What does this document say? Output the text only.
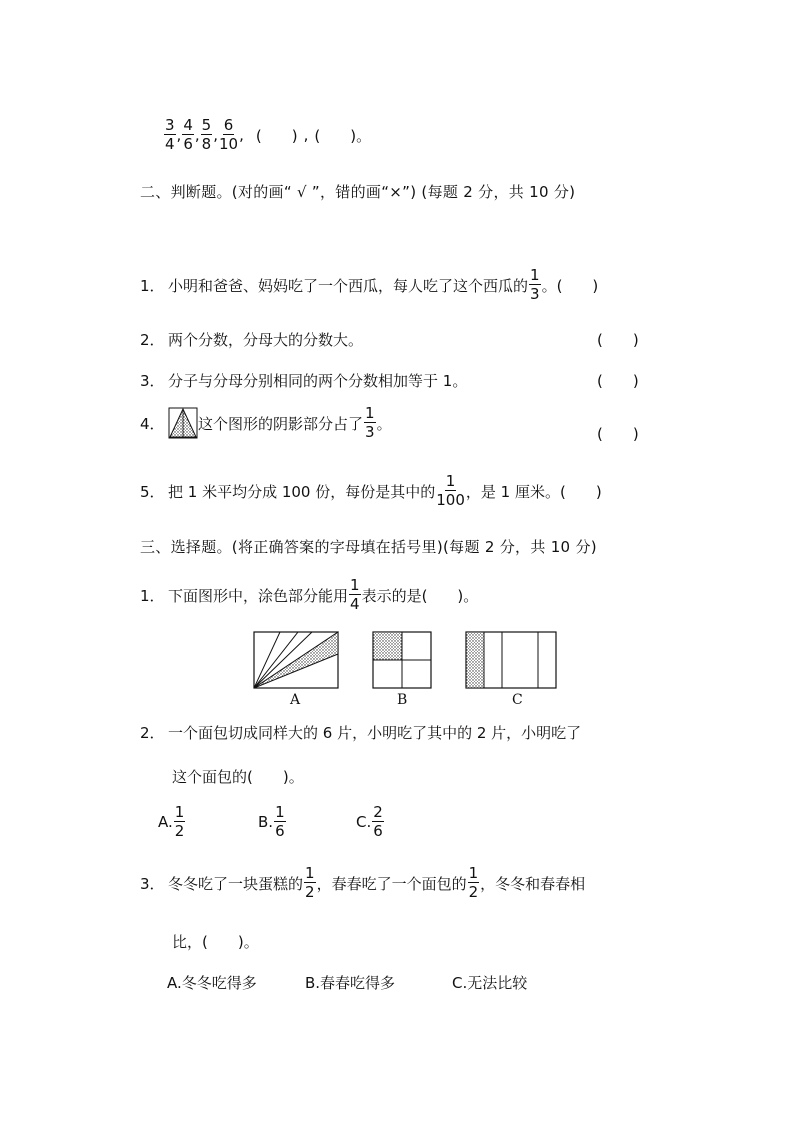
$\frac{3}{4}$ , $\frac{4}{6}$ , $\frac{5}{8}$ , $\frac{6}{10}$ , (　　) , (　　) 。
二、判断题。(对的画“ √ ”，错的画“×”) (每题 2 分，共 10 分)
1． 小明和爸爸、妈妈吃了一个西瓜，每人吃了这个西瓜的 $\frac{1}{3}$ 。 (　　)
2． 两个分数，分母大的分数大。	(　　)
3． 分子与分母分别相同的两个分数相加等于 1。	(　　)
4． 这个图形的阴影部分占了 $\frac{1}{3}$ 。
(　　)
5． 把 1 米平均分成 100 份，每份是其中的 $\frac{1}{100}$ ，是 1 厘米。 (　　)
三、选择题。(将正确答案的字母填在括号里)(每题 2 分，共 10 分)
1． 下面图形中，涂色部分能用 $\frac{1}{4}$ 表示的是(　　)。
A	B	C
2． 一个面包切成同样大的 6 片，小明吃了其中的 2 片，小明吃了
这个面包的(　　)。
A. $\frac{1}{2}$	B. $\frac{1}{6}$	C. $\frac{2}{6}$
3． 冬冬吃了一块蛋糕的 $\frac{1}{2}$ ，春春吃了一个面包的 $\frac{1}{2}$ ，冬冬和春春相
比，(　　)。
A.冬冬吃得多	B.春春吃得多	C.无法比较
